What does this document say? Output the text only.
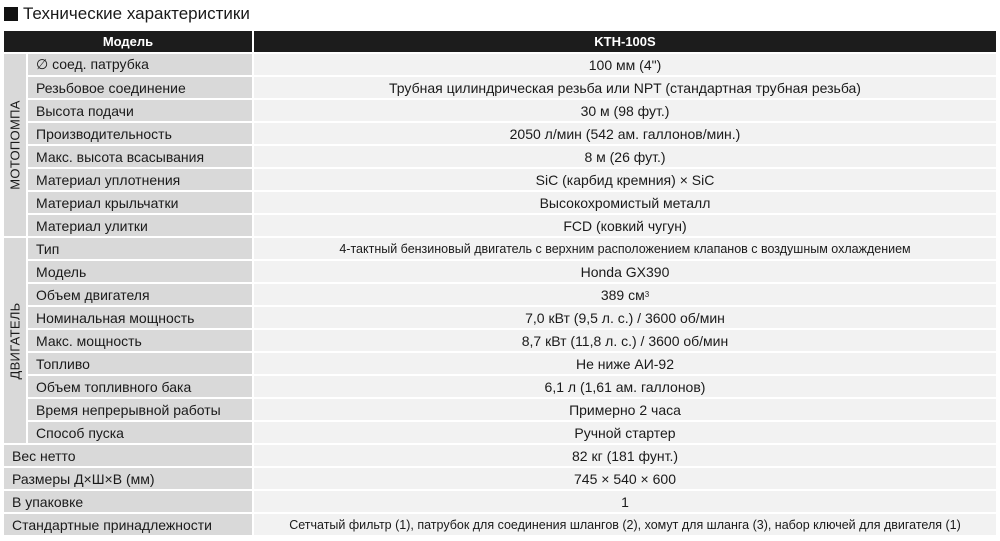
Технические характеристики
Модель	KTH-100S
МОТОПОМПА
∅ соед. патрубка	100 мм (4")
Резьбовое соединение	Трубная цилиндрическая резьба или NPT (стандартная трубная резьба)
Высота подачи	30 м (98 фут.)
Производительность	2050 л/мин (542 ам. галлонов/мин.)
Макс. высота всасывания	8 м (26 фут.)
Материал уплотнения	SiC (карбид кремния) × SiC
Материал крыльчатки	Высокохромистый металл
Материал улитки	FCD (ковкий чугун)
ДВИГАТЕЛЬ
Тип	4-тактный бензиновый двигатель с верхним расположением клапанов с воздушным охлаждением
Модель	Honda GX390
Объем двигателя	389 см 3
Номинальная мощность	7,0 кВт (9,5 л. с.) / 3600 об/мин
Макс. мощность	8,7 кВт (11,8 л. с.) / 3600 об/мин
Топливо	Не ниже АИ-92
Объем топливного бака	6,1 л (1,61 ам. галлонов)
Время непрерывной работы	Примерно 2 часа
Способ пуска	Ручной стартер
Вес нетто	82 кг (181 фунт.)
Размеры Д×Ш×В (мм)	745 × 540 × 600
В упаковке	1
Стандартные принадлежности	Сетчатый фильтр (1), патрубок для соединения шлангов (2), хомут для шланга (3), набор ключей для двигателя (1)
